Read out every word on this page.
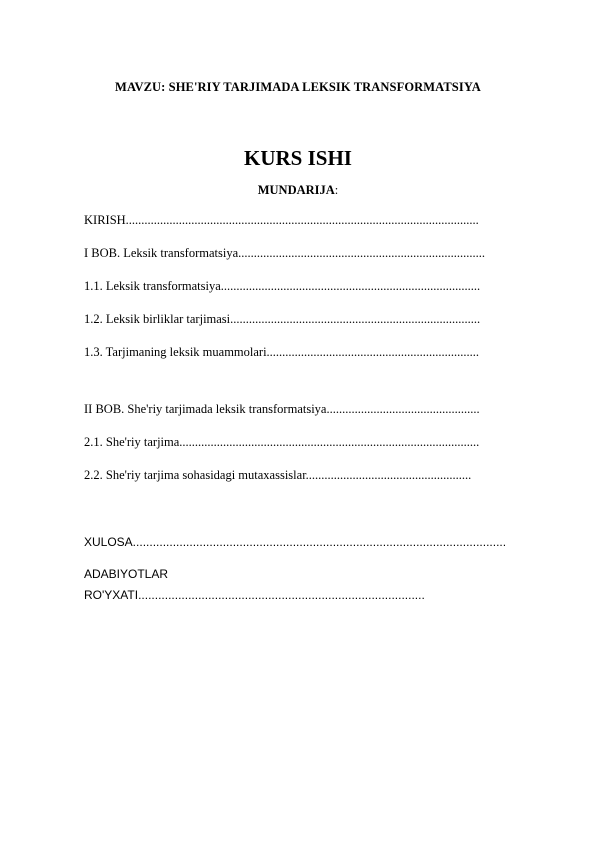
MAVZU: SHE'RIY TARJIMADA LEKSIK TRANSFORMATSIYA
KURS ISHI
MUNDARIJA:
KIRISH.................................................................................................................
I BOB. Leksik transformatsiya...............................................................................
1.1. Leksik transformatsiya...................................................................................
1.2. Leksik birliklar tarjimasi................................................................................
1.3. Tarjimaning leksik muammolari....................................................................
II BOB. She'riy tarjimada leksik transformatsiya.................................................
2.1. She'riy tarjima................................................................................................
2.2. She'riy tarjima sohasidagi mutaxassislar.....................................................
XULOSA................................................................................................................
ADABIYOTLAR
RO'YXATI......................................................................................
